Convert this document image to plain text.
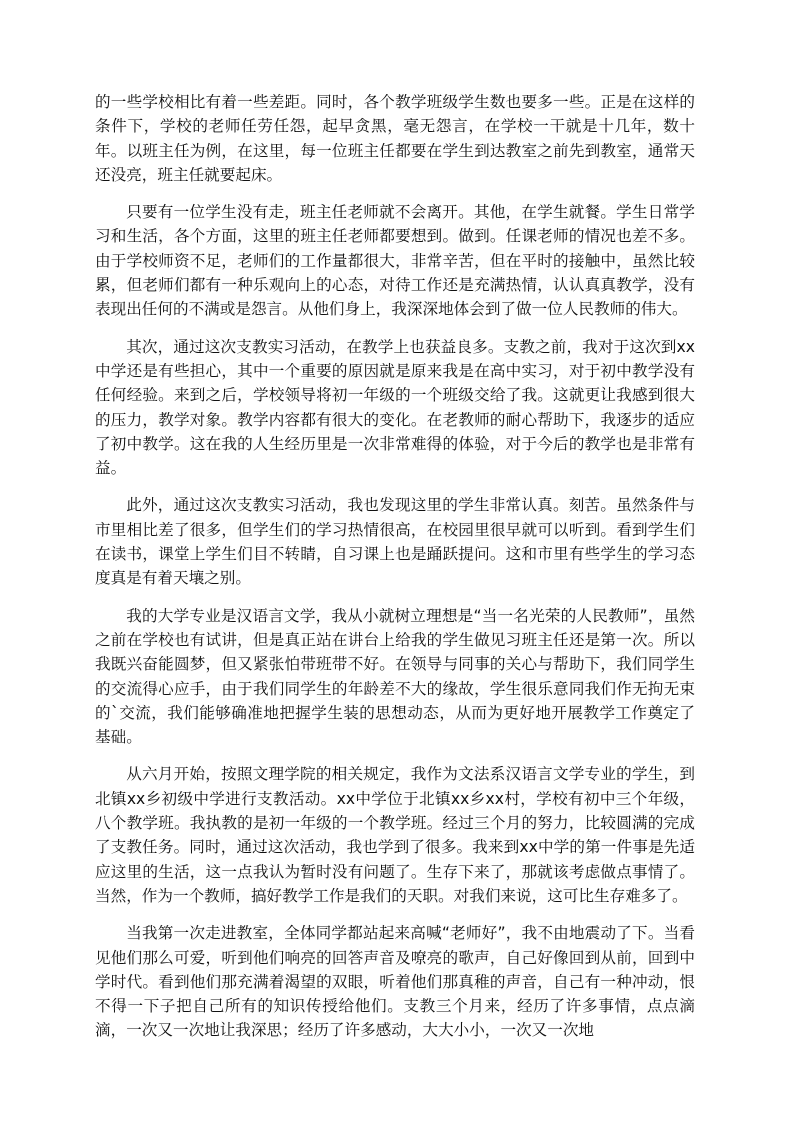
的一些学校相比有着一些差距。同时，各个教学班级学生数也要多一些。正是在这样的条件下，学校的老师任劳任怨，起早贪黑，毫无怨言，在学校一干就是十几年，数十年。以班主任为例，在这里，每一位班主任都要在学生到达教室之前先到教室，通常天还没亮，班主任就要起床。

只要有一位学生没有走，班主任老师就不会离开。其他，在学生就餐。学生日常学习和生活，各个方面，这里的班主任老师都要想到。做到。任课老师的情况也差不多。由于学校师资不足，老师们的工作量都很大，非常辛苦，但在平时的接触中，虽然比较累，但老师们都有一种乐观向上的心态，对待工作还是充满热情，认认真真教学，没有表现出任何的不满或是怨言。从他们身上，我深深地体会到了做一位人民教师的伟大。

其次，通过这次支教实习活动，在教学上也获益良多。支教之前，我对于这次到xx中学还是有些担心，其中一个重要的原因就是原来我是在高中实习，对于初中教学没有任何经验。来到之后，学校领导将初一年级的一个班级交给了我。这就更让我感到很大的压力，教学对象。教学内容都有很大的变化。在老教师的耐心帮助下，我逐步的适应了初中教学。这在我的人生经历里是一次非常难得的体验，对于今后的教学也是非常有益。

此外，通过这次支教实习活动，我也发现这里的学生非常认真。刻苦。虽然条件与市里相比差了很多，但学生们的学习热情很高，在校园里很早就可以听到。看到学生们在读书，课堂上学生们目不转睛，自习课上也是踊跃提问。这和市里有些学生的学习态度真是有着天壤之别。

我的大学专业是汉语言文学，我从小就树立理想是“当一名光荣的人民教师”，虽然之前在学校也有试讲，但是真正站在讲台上给我的学生做见习班主任还是第一次。所以我既兴奋能圆梦，但又紧张怕带班带不好。在领导与同事的关心与帮助下，我们同学生的交流得心应手，由于我们同学生的年龄差不大的缘故，学生很乐意同我们作无拘无束的`交流，我们能够确准地把握学生装的思想动态，从而为更好地开展教学工作奠定了基础。

从六月开始，按照文理学院的相关规定，我作为文法系汉语言文学专业的学生，到北镇xx乡初级中学进行支教活动。xx中学位于北镇xx乡xx村，学校有初中三个年级，八个教学班。我执教的是初一年级的一个教学班。经过三个月的努力，比较圆满的完成了支教任务。同时，通过这次活动，我也学到了很多。我来到xx中学的第一件事是先适应这里的生活，这一点我认为暂时没有问题了。生存下来了，那就该考虑做点事情了。当然，作为一个教师，搞好教学工作是我们的天职。对我们来说，这可比生存难多了。

当我第一次走进教室，全体同学都站起来高喊“老师好”，我不由地震动了下。当看见他们那么可爱，听到他们响亮的回答声音及嘹亮的歌声，自己好像回到从前，回到中学时代。看到他们那充满着渴望的双眼，听着他们那真稚的声音，自己有一种冲动，恨不得一下子把自己所有的知识传授给他们。支教三个月来，经历了许多事情，点点滴滴，一次又一次地让我深思；经历了许多感动，大大小小，一次又一次地
